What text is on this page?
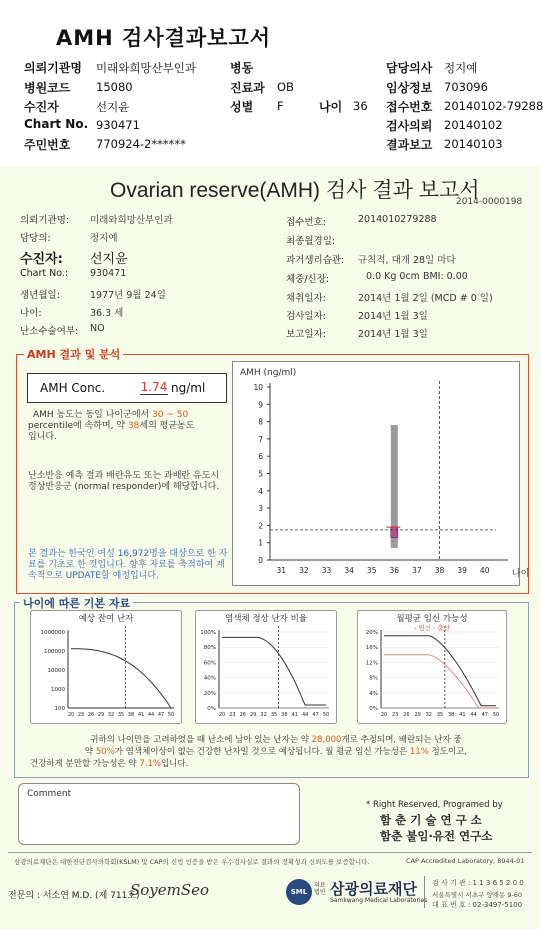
AMH 검사결과보고서
의뢰기관명 미래와희망산부인과	병동	담당의사 정지예
병원코드 15080	진료과 OB	임상정보 703096
수진자	선지윤	성별 F	나이 36 접수번호 20140102-79288
Chart No. 930471	검사의뢰 20140102
주민번호 770924-2******	결과보고 20140103
Ovarian reserve(AMH) 검사 결과 보고서
2014-0000198
의뢰기관명: 미래와희망산부인과
담당의:	정지예
수진자: 선지윤
Chart No.: 930471
생년월일:	1977년 9월 24일
나이:	36.3 세
난소수술여부: NO
접수번호:	2014010279288
최종월경일:
과거생리습관: 규칙적, 대개 28일 마다
체중/신장:	0.0 Kg 0cm BMI: 0.00
채취일자:	2014년 1월 2일 (MCD # 0 일)
검사일자:	2014년 1월 3일
보고일자:	2014년 1월 3일
AMH 결과 및 분석
AMH Conc.	1.74 ng/ml
AMH 농도는 동일 나이군에서 30 ~ 50
percentile에 속하며, 약 38세의 평균농도
입니다.
난소반응 예측 결과 배란유도 또는 과배란 유도시 정상반응군 (normal responder)에 해당합니다.
본 결과는 한국인 여성 16,972명을 대상으로 한 자료를 기초로 한 것입니다. 향후 자료를 축적하여 계속적으로 UPDATE할 예정입니다.
AMH (ng/ml)
0
1
2
3
4
5
6
7
8
9
10
31 32 33 34 35 36 37 38 39 40	나이
나이에 따른 기본 자료
예상 잔여 난자
1000000
100000
10000
1000
100
20 23 26 29 32 35 38 41 44 47 50
염색체 정상 난자 비율
100%
80%
60%
40%
20%
0%
20 23 26 29 32 35 38 41 44 47 50
월평균 임신 가능성
20%
16%
12%
8%
4%
0%
20 23 26 29 32 35 38 41 44 47 50
- 임신 - 출산
귀하의 나이만을 고려하였을 때 난소에 남아 있는 난자는 약 28,000개로 추정되며, 배란되는 난자 중
약 50%가 염색체이상이 없는 건강한 난자일 것으로 예상됩니다. 월 평균 임신 가능성은 11% 정도이고,
건강하게 분만할 가능성은 약 7.1%입니다.
Comment
* Right Reserved, Programed by
함 춘 기 술 연 구 소
함춘 불임·유전 연구소
삼광의료재단은 대한진단검사의학회(KSLM) 및 CAP의 신빙 인증을 받은 우수검사실로 결과의 정확성과 신뢰도를 보증합니다.	CAP Accredited Laboratory, 8944-01
전문의 : 서소연 M.D. (제 711호)
SoyemSeo	SML
의료법인 삼광의료재단
Samkwang Medical Laboratories
검 사 기 관 : 1 1 3 6 5 2 0 0
서울특별시 서초구 양재동 9-60
대 표 번 호 : 02-3497-5100
